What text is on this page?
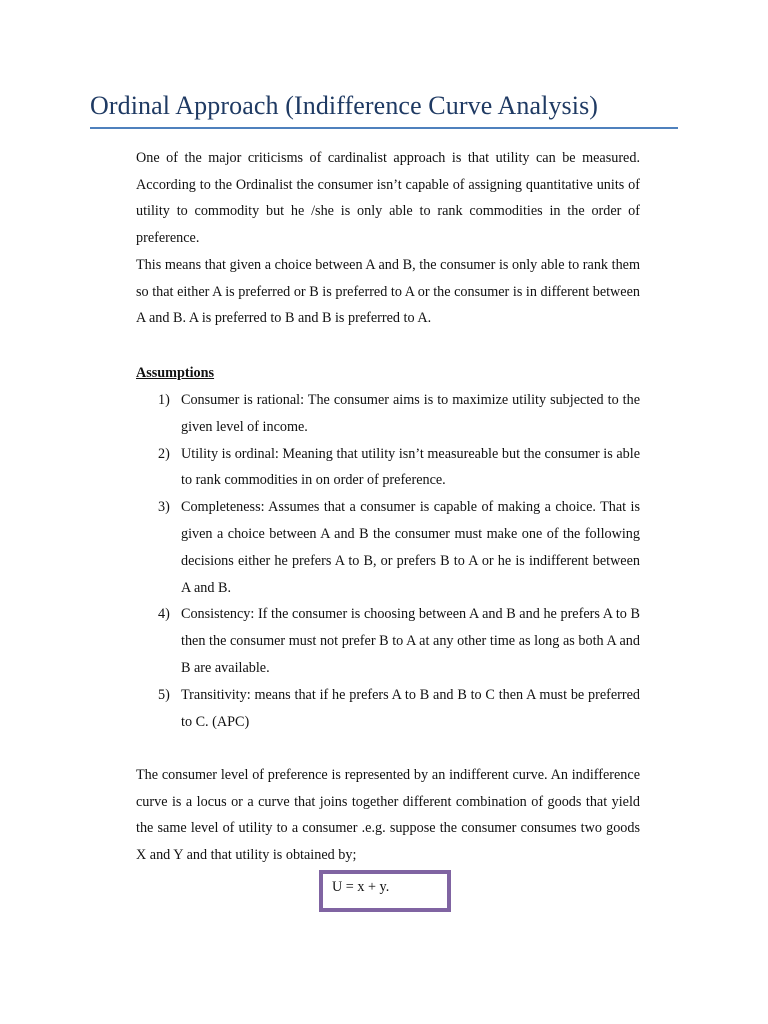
Ordinal Approach (Indifference Curve Analysis)

One of the major criticisms of cardinalist approach is that utility can be measured. According to the Ordinalist the consumer isn’t capable of assigning quantitative units of utility to commodity but he /she is only able to rank commodities in the order of preference.

This means that given a choice between A and B, the consumer is only able to rank them so that either A is preferred or B is preferred to A or the consumer is in different between A and B. A is preferred to B and B is preferred to A.

Assumptions
1) Consumer is rational: The consumer aims is to maximize utility subjected to the given level of income.
2) Utility is ordinal: Meaning that utility isn’t measureable but the consumer is able to rank commodities in on order of preference.
3) Completeness: Assumes that a consumer is capable of making a choice. That is given a choice between A and B the consumer must make one of the following decisions either he prefers A to B, or prefers B to A or he is indifferent between A and B.
4) Consistency: If the consumer is choosing between A and B and he prefers A to B then the consumer must not prefer B to A at any other time as long as both A and B are available.
5) Transitivity: means that if he prefers A to B and B to C then A must be preferred to C. (APC)

The consumer level of preference is represented by an indifferent curve. An indifference curve is a locus or a curve that joins together different combination of goods that yield the same level of utility to a consumer .e.g. suppose the consumer consumes two goods X and Y and that utility is obtained by;

U = x + y.
